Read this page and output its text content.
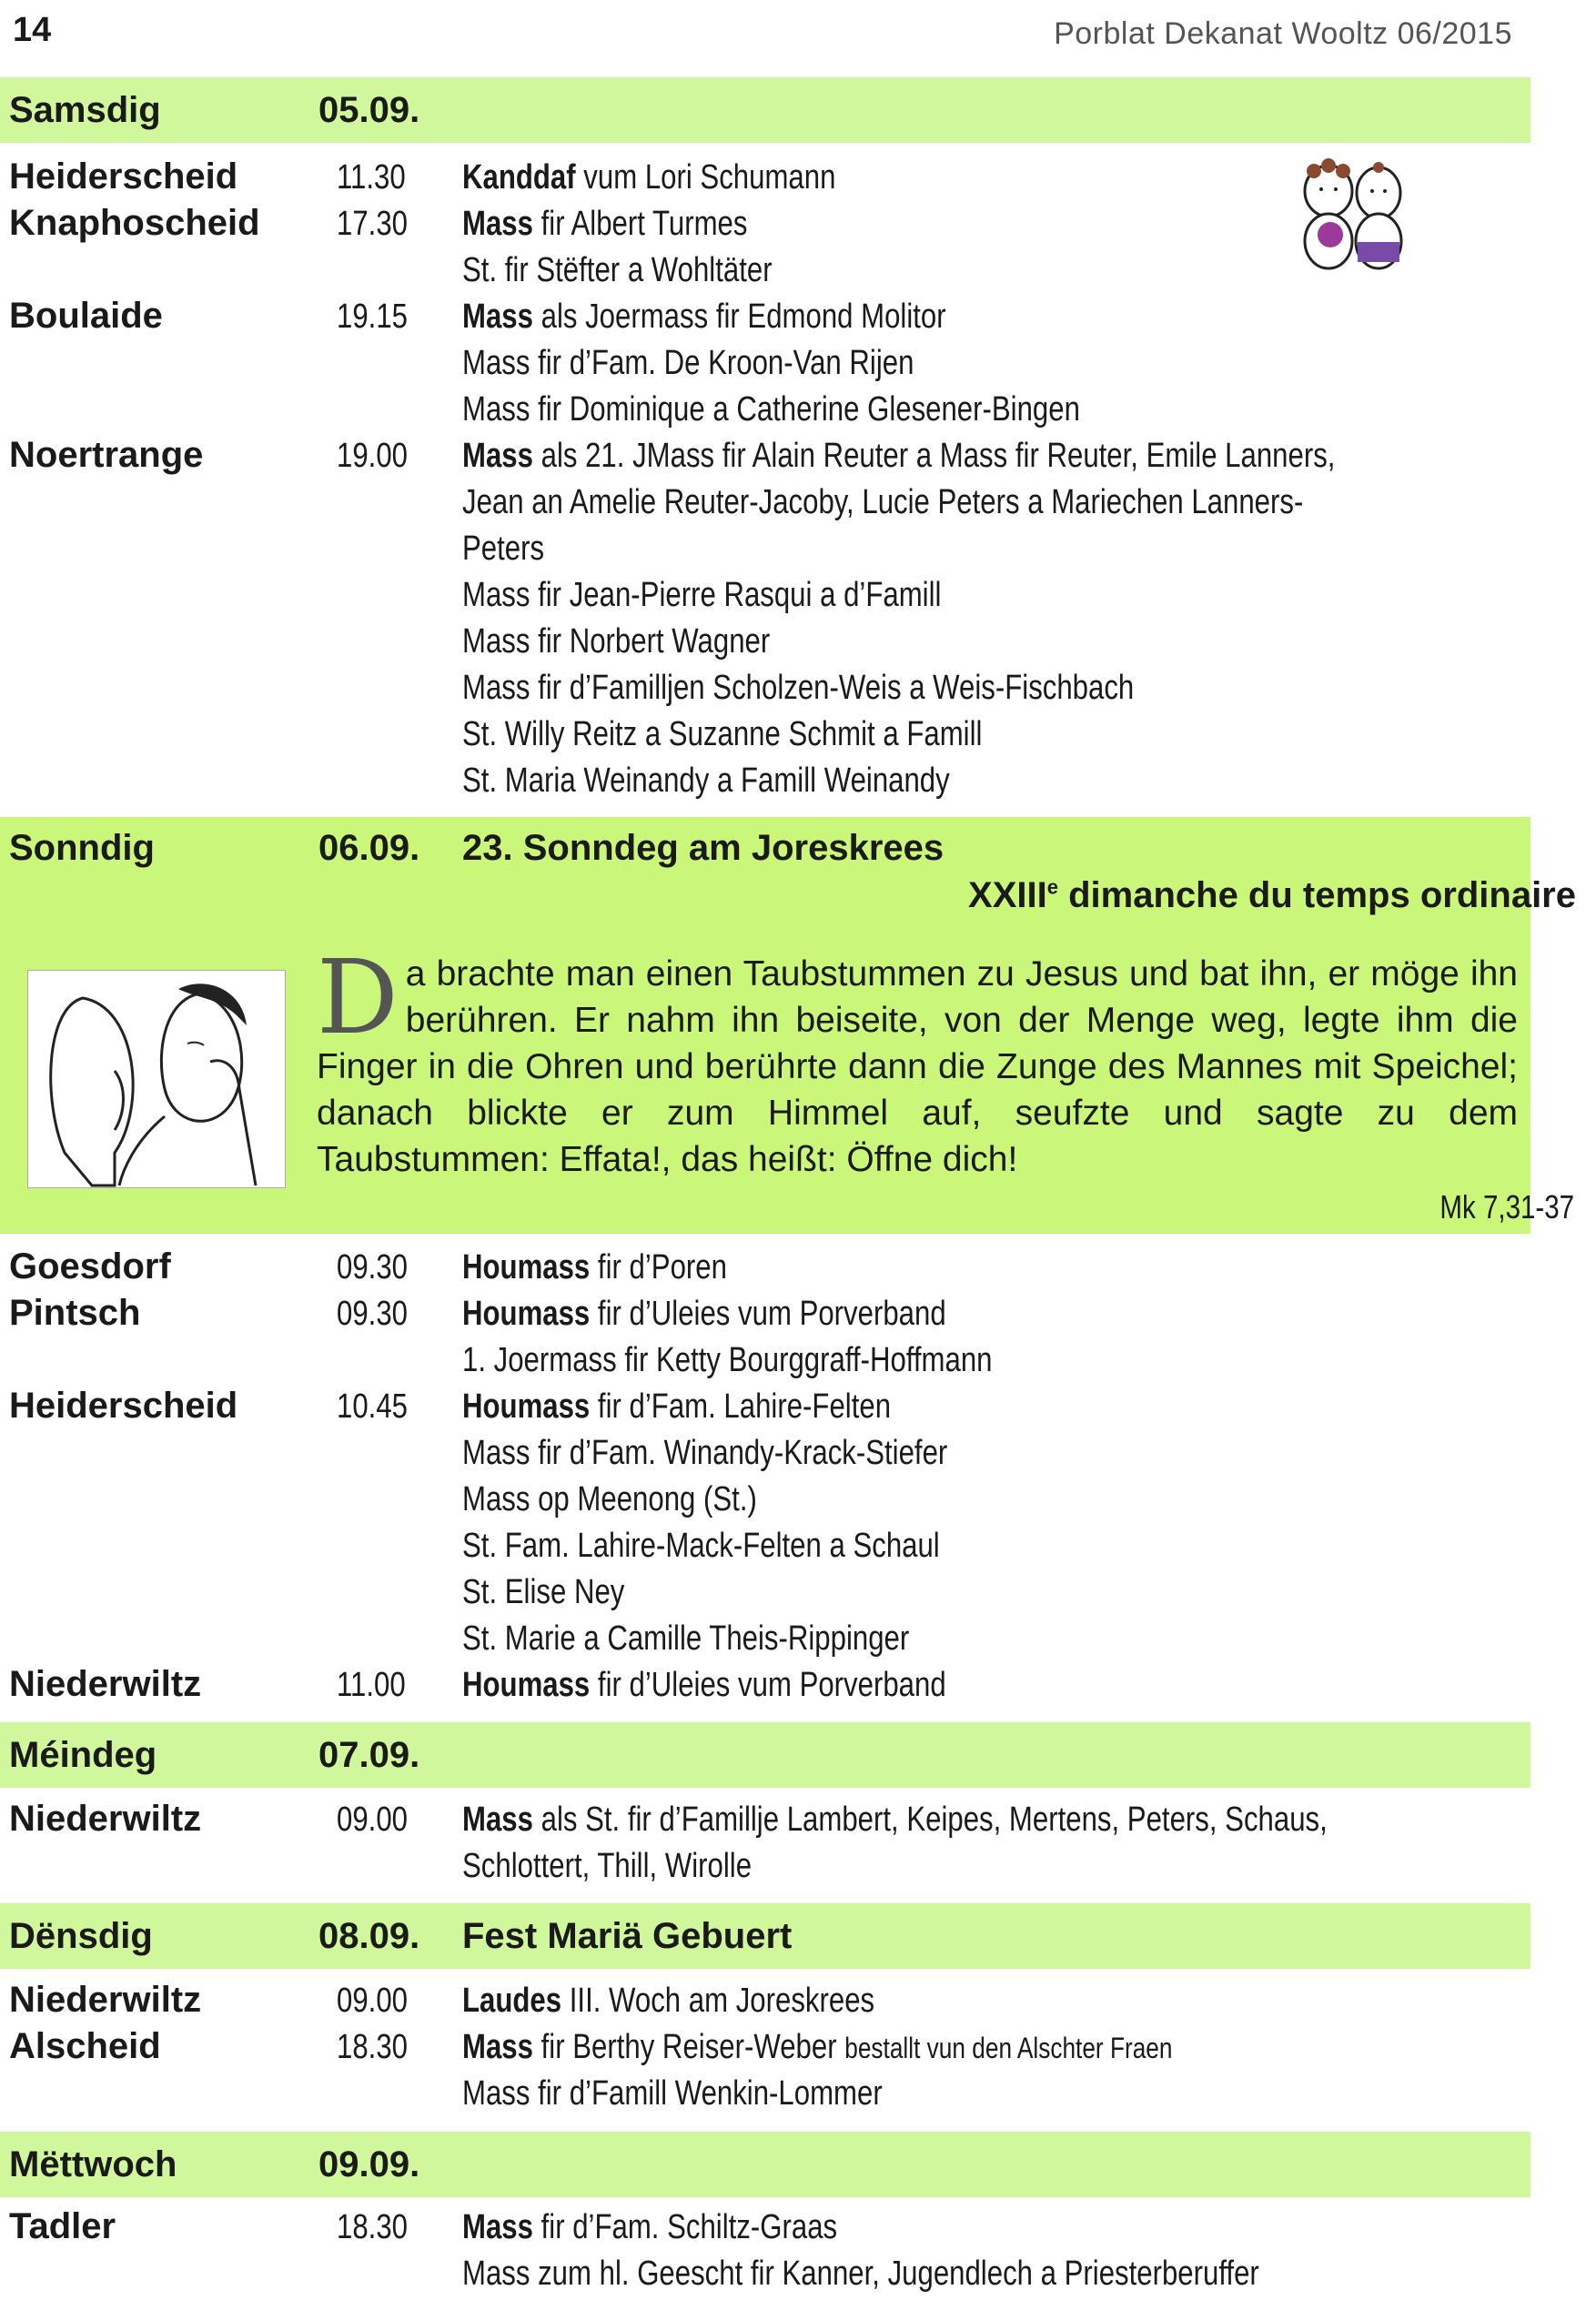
14	Porblat Dekanat Wooltz 06/2015
Samsdig	05.09.
Heiderscheid	11.30 Kanddaf vum Lori Schumann
Knaphoscheid 17.30 Mass fir Albert Turmes
St. fir Stëfter a Wohltäter
Boulaide	19.15 Mass als Joermass fir Edmond Molitor
Mass fir d’Fam. De Kroon-Van Rijen
Mass fir Dominique a Catherine Glesener-Bingen
Noertrange	19.00 Mass als 21. JMass fir Alain Reuter a Mass fir Reuter, Emile Lanners,
Jean an Amelie Reuter-Jacoby, Lucie Peters a Mariechen Lanners-
Peters
Mass fir Jean-Pierre Rasqui a d’Famill
Mass fir Norbert Wagner
Mass fir d’Familljen Scholzen-Weis a Weis-Fischbach
St. Willy Reitz a Suzanne Schmit a Famill
St. Maria Weinandy a Famill Weinandy
Sonndig	06.09. 23. Sonndeg am Joreskrees
XXIIIe dimanche du temps ordinaire
Da brachte man einen Taubstummen zu Jesus und bat ihn, er möge ihn berühren. Er nahm ihn beiseite, von der Menge weg, legte ihm die Finger in die Ohren und berührte dann die Zunge des Mannes mit Speichel; danach blickte er zum Himmel auf, seufzte und sagte zu dem Taubstummen: Effata!, das heißt: Öffne dich!
Mk 7,31-37
Goesdorf	09.30 Houmass fir d’Poren
Pintsch	09.30 Houmass fir d’Uleies vum Porverband
1. Joermass fir Ketty Bourggraff-Hoffmann
Heiderscheid	10.45 Houmass fir d’Fam. Lahire-Felten
Mass fir d’Fam. Winandy-Krack-Stiefer
Mass op Meenong (St.)
St. Fam. Lahire-Mack-Felten a Schaul
St. Elise Ney
St. Marie a Camille Theis-Rippinger
Niederwiltz	11.00 Houmass fir d’Uleies vum Porverband
Méindeg	07.09.
Niederwiltz	09.00 Mass als St. fir d’Famillje Lambert, Keipes, Mertens, Peters, Schaus,
Schlottert, Thill, Wirolle
Dënsdig	08.09. Fest Mariä Gebuert
Niederwiltz	09.00 Laudes III. Woch am Joreskrees
Alscheid	18.30 Mass fir Berthy Reiser-Weber bestallt vun den Alschter Fraen
Mass fir d’Famill Wenkin-Lommer
Mëttwoch	09.09.
Tadler	18.30 Mass fir d’Fam. Schiltz-Graas
Mass zum hl. Geescht fir Kanner, Jugendlech a Priesterberuffer
